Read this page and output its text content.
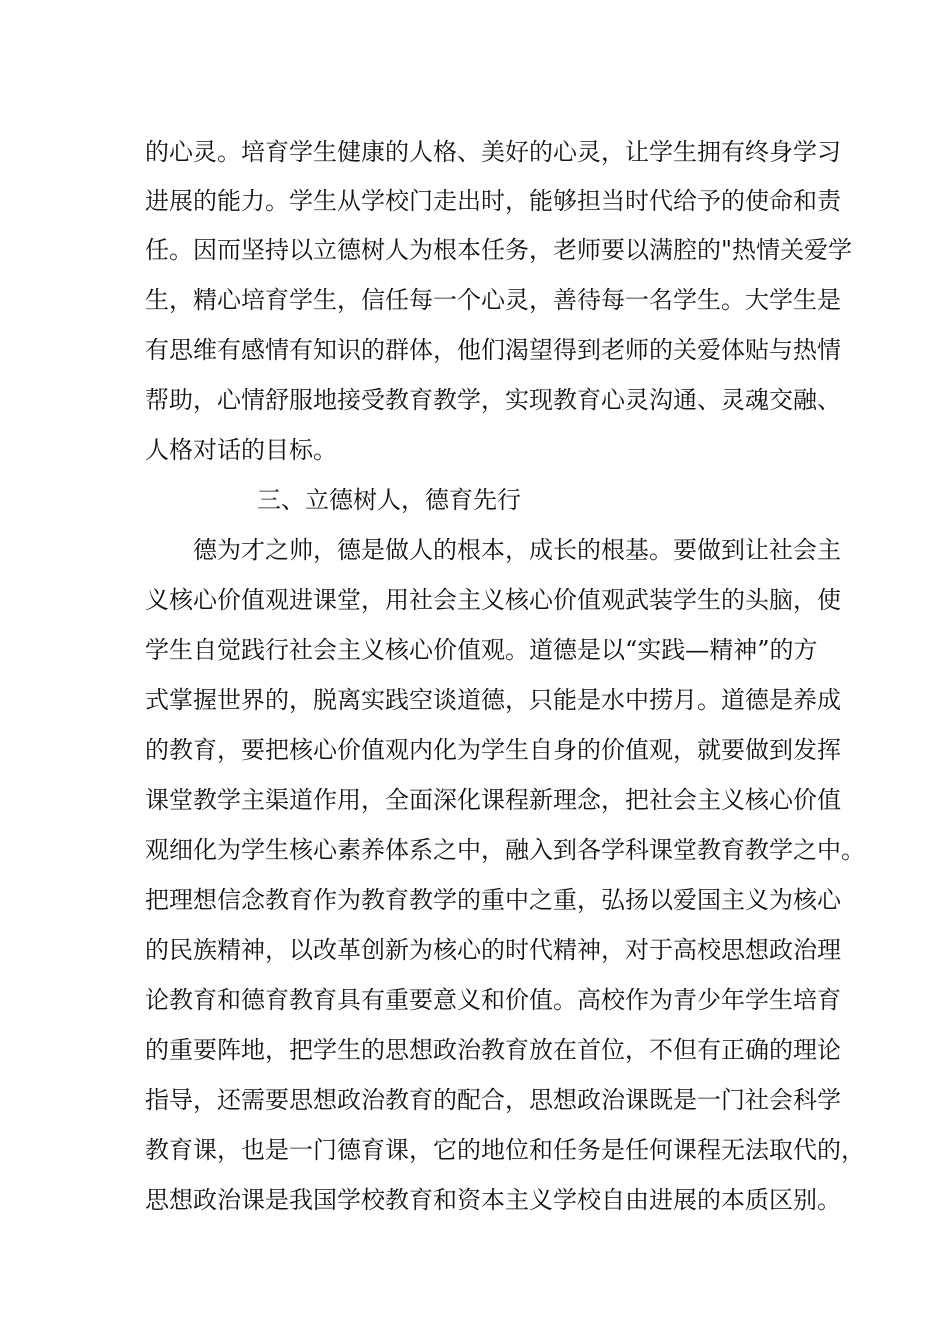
的心灵。培育学生健康的人格、美好的心灵，让学生拥有终身学习
进展的能力。学生从学校门走出时，能够担当时代给予的使命和责
任。因而坚持以立德树人为根本任务，老师要以满腔的"热情关爱学
生，精心培育学生，信任每一个心灵，善待每一名学生。大学生是
有思维有感情有知识的群体，他们渴望得到老师的关爱体贴与热情
帮助，心情舒服地接受教育教学，实现教育心灵沟通、灵魂交融、
人格对话的目标。
三、立德树人，德育先行
德为才之帅，德是做人的根本，成长的根基。要做到让社会主
义核心价值观进课堂，用社会主义核心价值观武装学生的头脑，使
学生自觉践行社会主义核心价值观。道德是以“实践—精神”的方
式掌握世界的，脱离实践空谈道德，只能是水中捞月。道德是养成
的教育，要把核心价值观内化为学生自身的价值观，就要做到发挥
课堂教学主渠道作用，全面深化课程新理念，把社会主义核心价值
观细化为学生核心素养体系之中，融入到各学科课堂教育教学之中。
把理想信念教育作为教育教学的重中之重，弘扬以爱国主义为核心
的民族精神，以改革创新为核心的时代精神，对于高校思想政治理
论教育和德育教育具有重要意义和价值。高校作为青少年学生培育
的重要阵地，把学生的思想政治教育放在首位，不但有正确的理论
指导，还需要思想政治教育的配合，思想政治课既是一门社会科学
教育课，也是一门德育课，它的地位和任务是任何课程无法取代的，
思想政治课是我国学校教育和资本主义学校自由进展的本质区别。
